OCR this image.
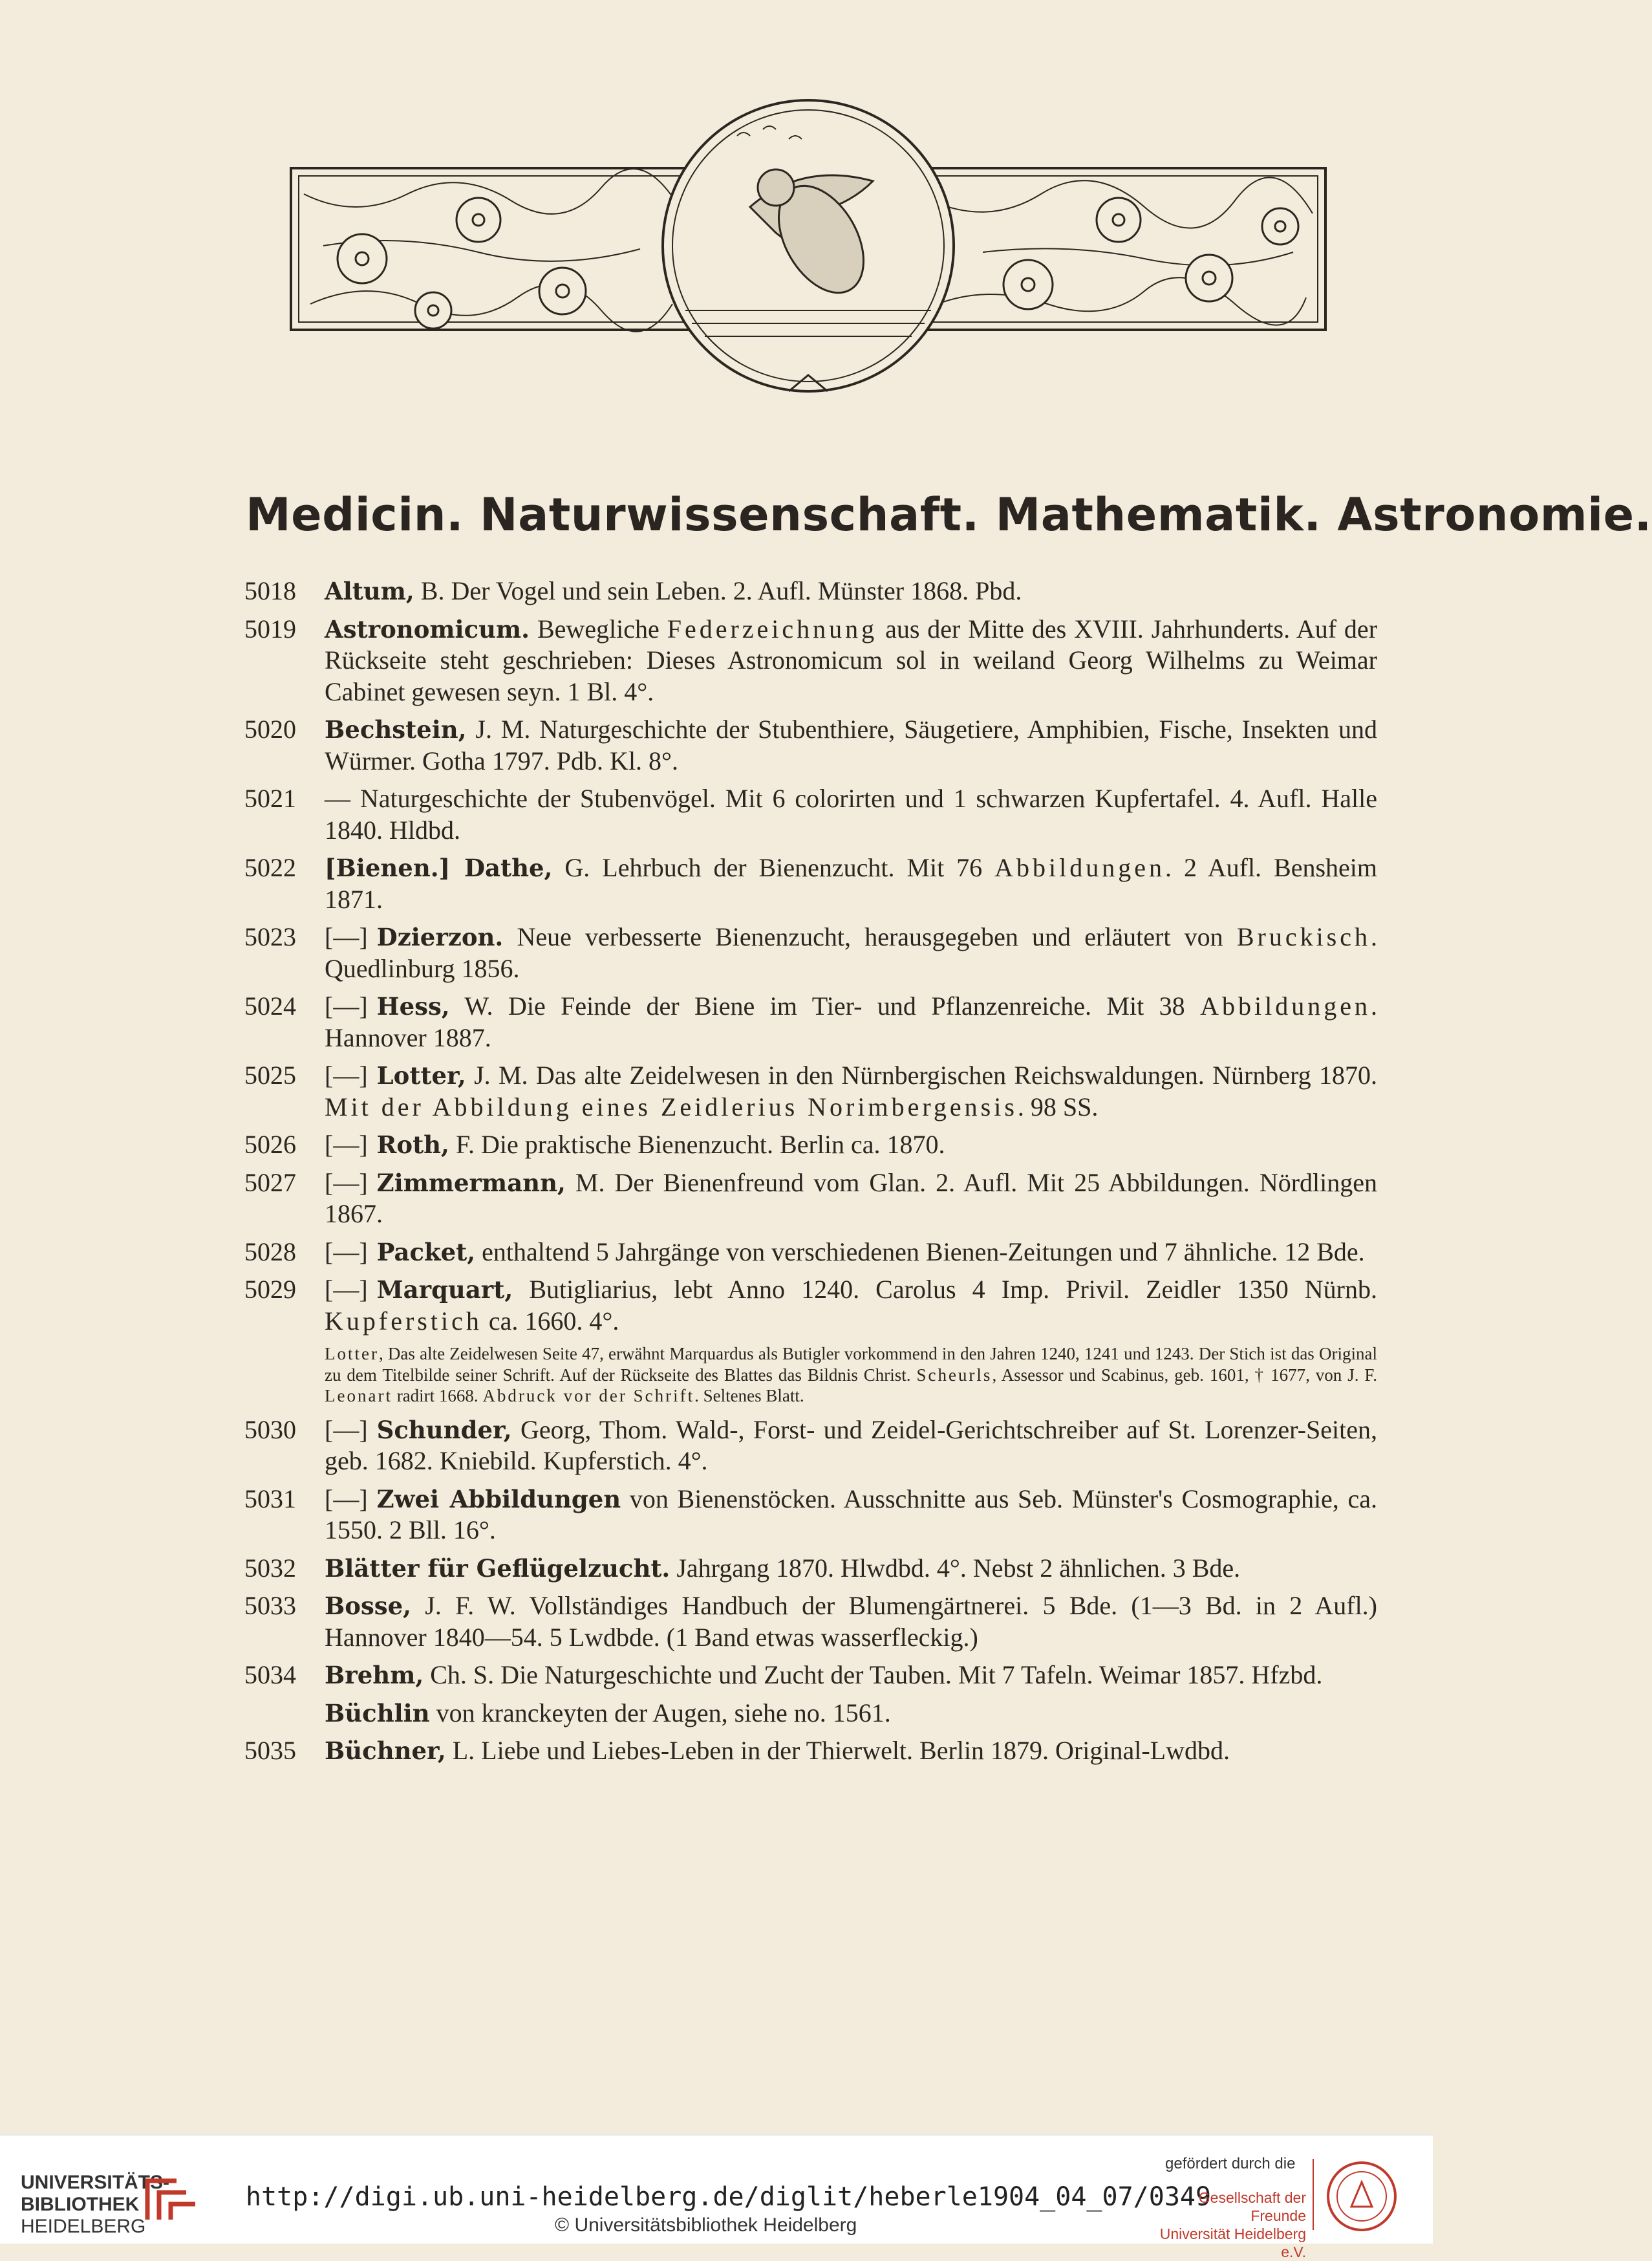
Medicin. Naturwissenschaft. Mathematik. Astronomie.
5018 Altum, B. Der Vogel und sein Leben. 2. Aufl. Münster 1868. Pbd.
5019 Astronomicum. Bewegliche Federzeichnung aus der Mitte des XVIII. Jahrhunderts. Auf der Rückseite steht geschrieben: Dieses Astronomicum sol in weiland Georg Wilhelms zu Weimar Cabinet gewesen seyn. 1 Bl. 4°.
5020 Bechstein, J. M. Naturgeschichte der Stubenthiere, Säugetiere, Amphibien, Fische, Insekten und Würmer. Gotha 1797. Pdb. Kl. 8°.
5021 — Naturgeschichte der Stubenvögel. Mit 6 colorirten und 1 schwarzen Kupfertafel. 4. Aufl. Halle 1840. Hldbd.
5022 [Bienen.] Dathe, G. Lehrbuch der Bienenzucht. Mit 76 Abbildungen. 2 Aufl. Bensheim 1871.
5023 [—] Dzierzon. Neue verbesserte Bienenzucht, herausgegeben und erläutert von Bruckisch. Quedlinburg 1856.
5024 [—] Hess, W. Die Feinde der Biene im Tier- und Pflanzenreiche. Mit 38 Abbildungen. Hannover 1887.
5025 [—] Lotter, J. M. Das alte Zeidelwesen in den Nürnbergischen Reichswaldungen. Nürnberg 1870. Mit der Abbildung eines Zeidlerius Norimbergensis. 98 SS.
5026 [—] Roth, F. Die praktische Bienenzucht. Berlin ca. 1870.
5027 [—] Zimmermann, M. Der Bienenfreund vom Glan. 2. Aufl. Mit 25 Abbildungen. Nördlingen 1867.
5028 [—] Packet, enthaltend 5 Jahrgänge von verschiedenen Bienen-Zeitungen und 7 ähnliche. 12 Bde.
5029 [—] Marquart, Butigliarius, lebt Anno 1240. Carolus 4 Imp. Privil. Zeidler 1350 Nürnb. Kupferstich ca. 1660. 4°.
Lotter, Das alte Zeidelwesen Seite 47, erwähnt Marquardus als Butigler vorkommend in den Jahren 1240, 1241 und 1243. Der Stich ist das Original zu dem Titelbilde seiner Schrift. Auf der Rückseite des Blattes das Bildnis Christ. Scheurls, Assessor und Scabinus, geb. 1601, † 1677, von J. F. Leonart radirt 1668. Abdruck vor der Schrift. Seltenes Blatt.
5030 [—] Schunder, Georg, Thom. Wald-, Forst- und Zeidel-Gerichtschreiber auf St. Lorenzer-Seiten, geb. 1682. Kniebild. Kupferstich. 4°.
5031 [—] Zwei Abbildungen von Bienenstöcken. Ausschnitte aus Seb. Münster's Cosmographie, ca. 1550. 2 Bll. 16°.
5032 Blätter für Geflügelzucht. Jahrgang 1870. Hlwdbd. 4°. Nebst 2 ähnlichen. 3 Bde.
5033 Bosse, J. F. W. Vollständiges Handbuch der Blumengärtnerei. 5 Bde. (1—3 Bd. in 2 Aufl.) Hannover 1840—54. 5 Lwdbde. (1 Band etwas wasserfleckig.)
5034 Brehm, Ch. S. Die Naturgeschichte und Zucht der Tauben. Mit 7 Tafeln. Weimar 1857. Hfzbd.
Büchlin von kranckeyten der Augen, siehe no. 1561.
5035 Büchner, L. Liebe und Liebes-Leben in der Thierwelt. Berlin 1879. Original-Lwdbd.
UNIVERSITÄTS-
BIBLIOTHEK
HEIDELBERG
http://digi.ub.uni-heidelberg.de/diglit/heberle1904_04_07/0349
© Universitätsbibliothek Heidelberg
gefördert durch die
Gesellschaft der Freunde
Universität Heidelberg e.V.
